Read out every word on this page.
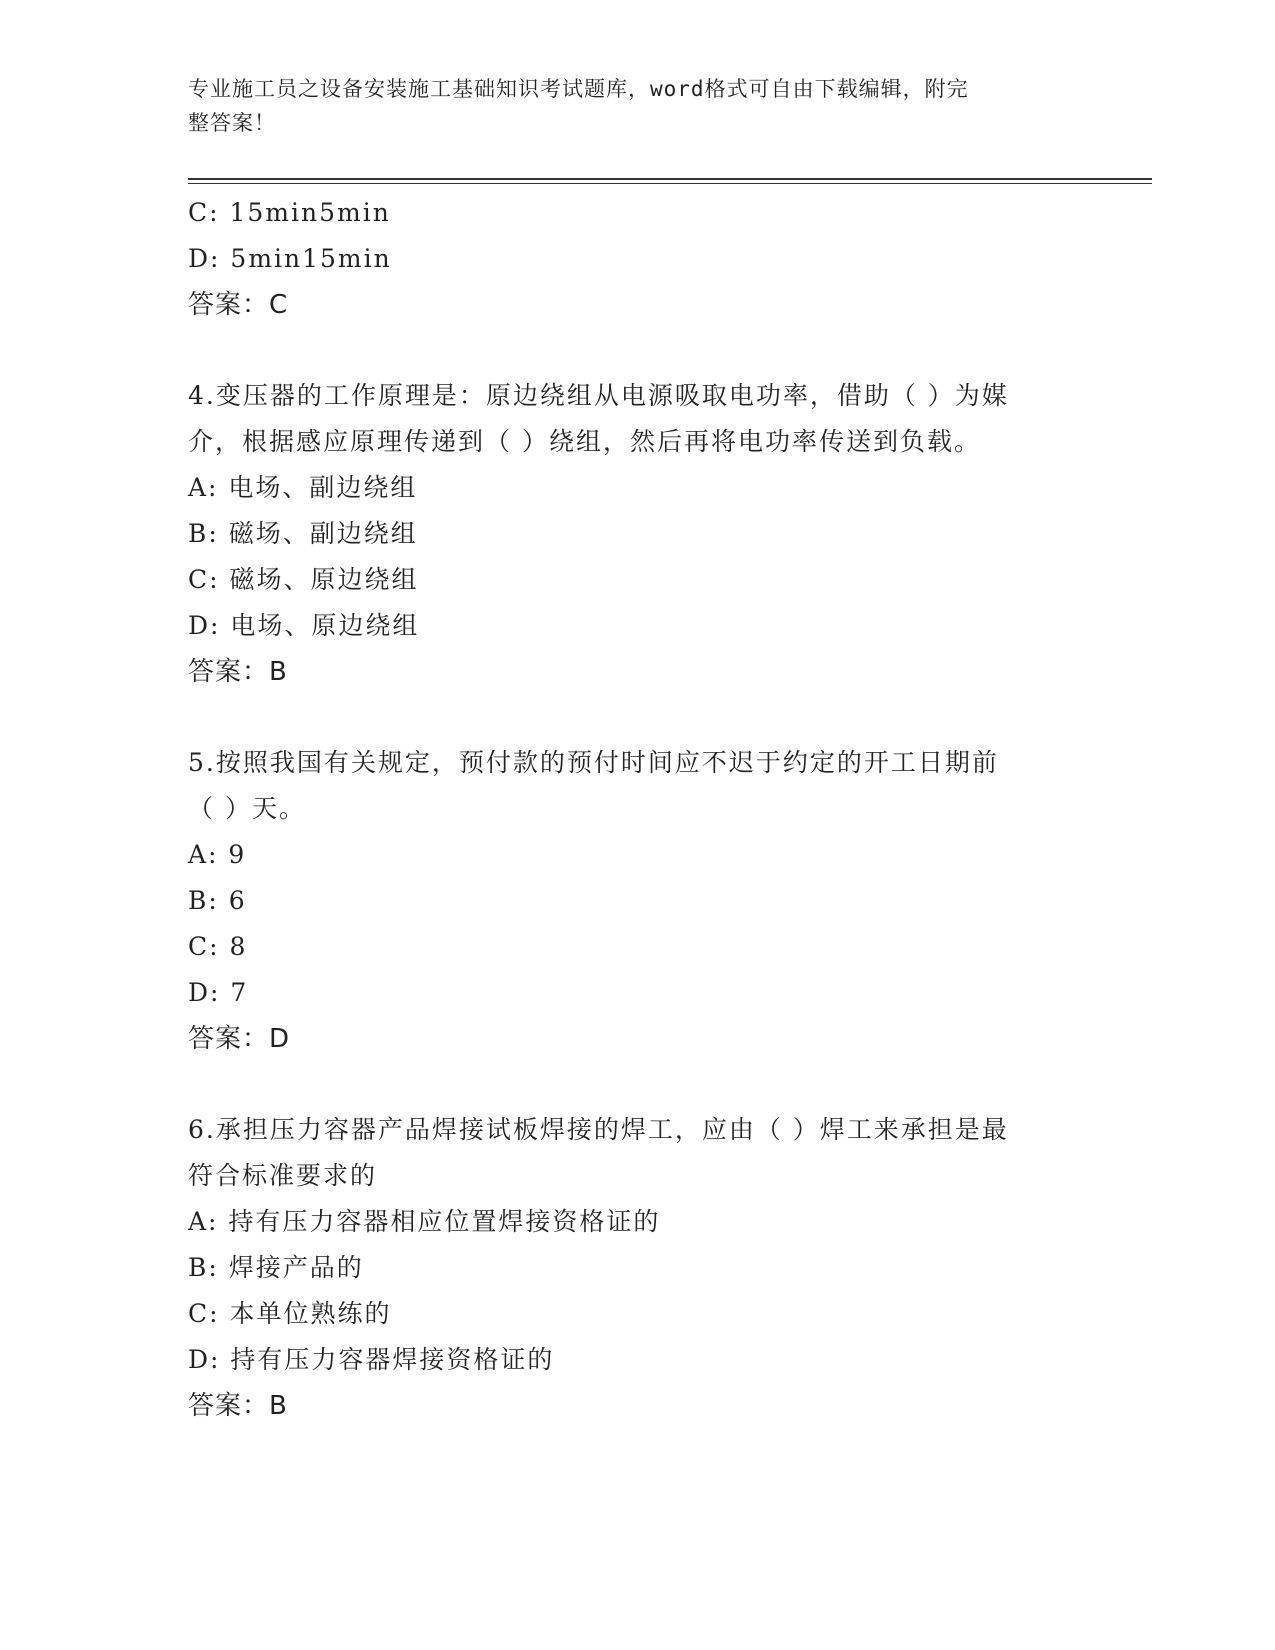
专业施工员之设备安装施工基础知识考试题库，word格式可自由下载编辑，附完
整答案！
C: 15min5min
D: 5min15min
答案：C
4.变压器的工作原理是：原边绕组从电源吸取电功率，借助（ ）为媒
介，根据感应原理传递到（ ）绕组，然后再将电功率传送到负载。
A: 电场、副边绕组
B: 磁场、副边绕组
C: 磁场、原边绕组
D: 电场、原边绕组
答案：B
5.按照我国有关规定，预付款的预付时间应不迟于约定的开工日期前
（ ）天。
A: 9
B: 6
C: 8
D: 7
答案：D
6.承担压力容器产品焊接试板焊接的焊工，应由（ ）焊工来承担是最
符合标准要求的
A: 持有压力容器相应位置焊接资格证的
B: 焊接产品的
C: 本单位熟练的
D: 持有压力容器焊接资格证的
答案：B
